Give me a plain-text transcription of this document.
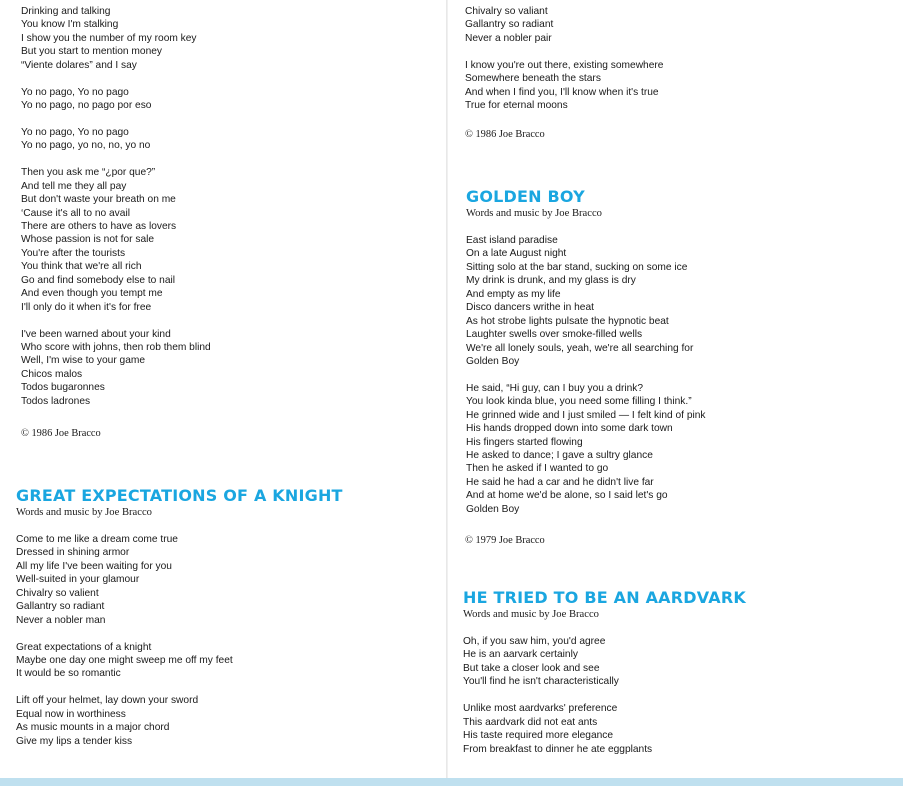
Drinking and talking
You know I'm stalking
I show you the number of my room key
But you start to mention money
“Viente dolares” and I say
Yo no pago, Yo no pago
Yo no pago, no pago por eso
Yo no pago, Yo no pago
Yo no pago, yo no, no, yo no
Then you ask me “¿por que?”
And tell me they all pay
But don't waste your breath on me
‘Cause it's all to no avail
There are others to have as lovers
Whose passion is not for sale
You're after the tourists
You think that we're all rich
Go and find somebody else to nail
And even though you tempt me
I'll only do it when it's for free
I've been warned about your kind
Who score with johns, then rob them blind
Well, I'm wise to your game
Chicos malos
Todos bugaronnes
Todos ladrones
© 1986 Joe Bracco
GREAT EXPECTATIONS OF A KNIGHT
Words and music by Joe Bracco
Come to me like a dream come true
Dressed in shining armor
All my life I've been waiting for you
Well-suited in your glamour
Chivalry so valient
Gallantry so radiant
Never a nobler man
Great expectations of a knight
Maybe one day one might sweep me off my feet
It would be so romantic
Lift off your helmet, lay down your sword
Equal now in worthiness
As music mounts in a major chord
Give my lips a tender kiss
Chivalry so valiant
Gallantry so radiant
Never a nobler pair
I know you're out there, existing somewhere
Somewhere beneath the stars
And when I find you, I'll know when it's true
True for eternal moons
© 1986 Joe Bracco
GOLDEN BOY
Words and music by Joe Bracco
East island paradise
On a late August night
Sitting solo at the bar stand, sucking on some ice
My drink is drunk, and my glass is dry
And empty as my life
Disco dancers writhe in heat
As hot strobe lights pulsate the hypnotic beat
Laughter swells over smoke-filled wells
We're all lonely souls, yeah, we're all searching for
Golden Boy
He said, “Hi guy, can I buy you a drink?
You look kinda blue, you need some filling I think.”
He grinned wide and I just smiled — I felt kind of pink
His hands dropped down into some dark town
His fingers started flowing
He asked to dance; I gave a sultry glance
Then he asked if I wanted to go
He said he had a car and he didn't live far
And at home we'd be alone, so I said let's go
Golden Boy
© 1979 Joe Bracco
HE TRIED TO BE AN AARDVARK
Words and music by Joe Bracco
Oh, if you saw him, you'd agree
He is an aarvark certainly
But take a closer look and see
You'll find he isn't characteristically
Unlike most aardvarks' preference
This aardvark did not eat ants
His taste required more elegance
From breakfast to dinner he ate eggplants
